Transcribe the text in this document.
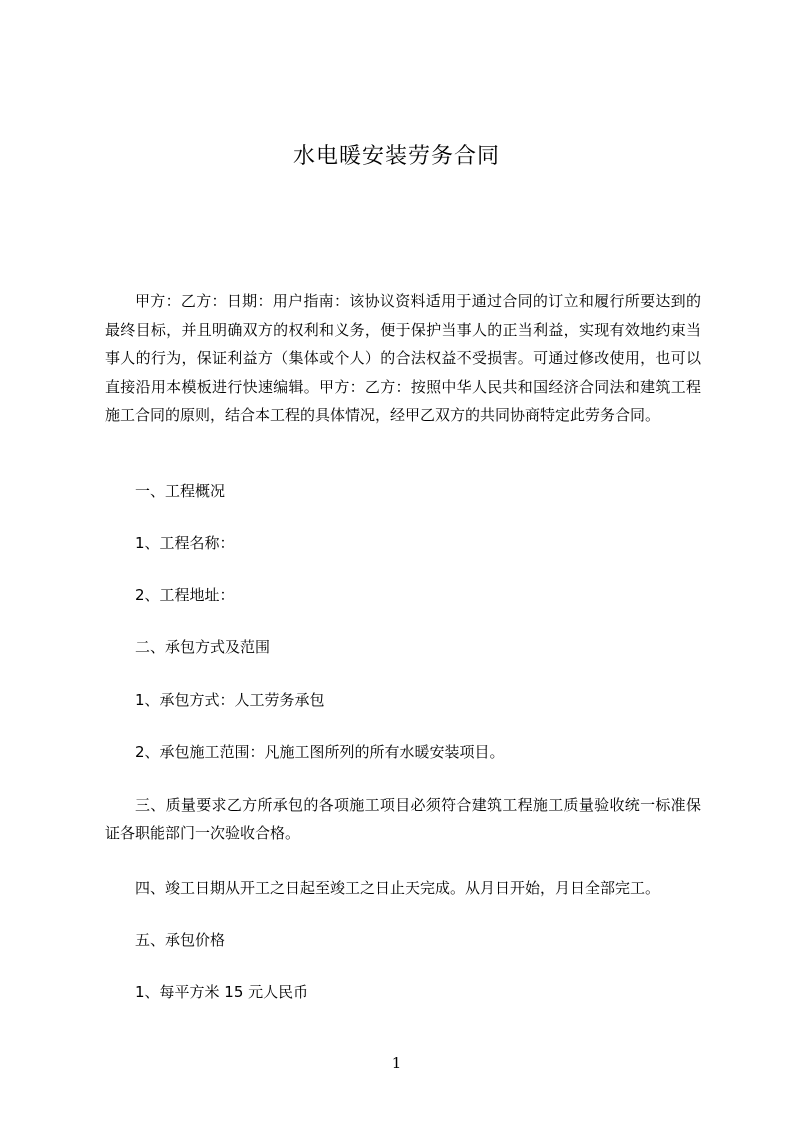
水电暖安装劳务合同

甲方：乙方：日期：用户指南：该协议资料适用于通过合同的订立和履行所要达到的最终目标，并且明确双方的权利和义务，便于保护当事人的正当利益，实现有效地约束当事人的行为，保证利益方（集体或个人）的合法权益不受损害。可通过修改使用，也可以直接沿用本模板进行快速编辑。甲方：乙方：按照中华人民共和国经济合同法和建筑工程施工合同的原则，结合本工程的具体情况，经甲乙双方的共同协商特定此劳务合同。

一、工程概况

1、工程名称：

2、工程地址：

二、承包方式及范围

1、承包方式：人工劳务承包

2、承包施工范围：凡施工图所列的所有水暖安装项目。

三、质量要求乙方所承包的各项施工项目必须符合建筑工程施工质量验收统一标准保证各职能部门一次验收合格。

四、竣工日期从开工之日起至竣工之日止天完成。从月日开始，月日全部完工。

五、承包价格

1、每平方米 15 元人民币

1
